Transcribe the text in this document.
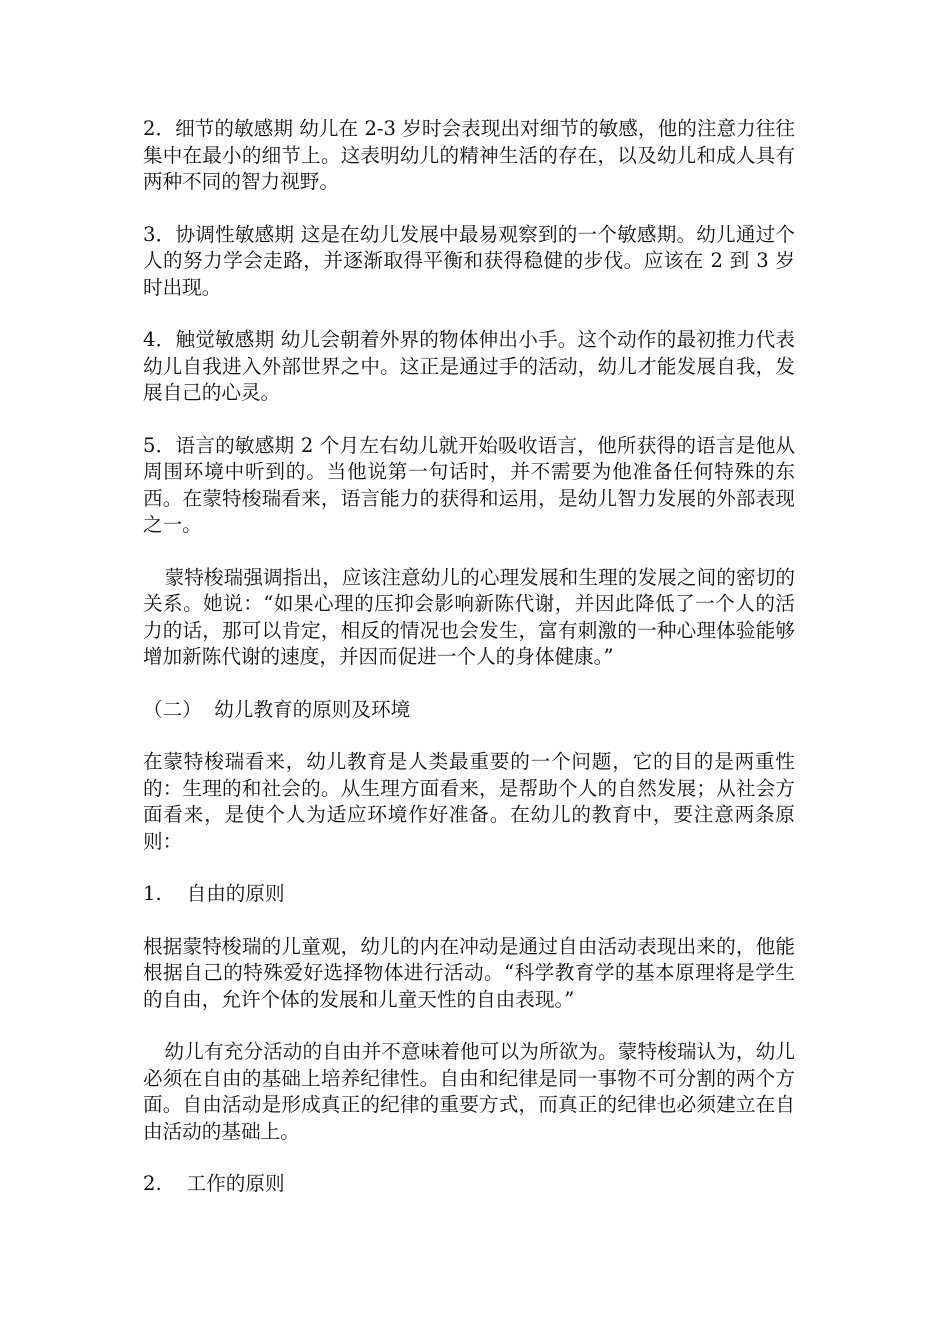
2．细节的敏感期 幼儿在 2-3 岁时会表现出对细节的敏感，他的注意力往往集中在最小的细节上。这表明幼儿的精神生活的存在，以及幼儿和成人具有两种不同的智力视野。

3．协调性敏感期 这是在幼儿发展中最易观察到的一个敏感期。幼儿通过个人的努力学会走路，并逐渐取得平衡和获得稳健的步伐。应该在 2 到 3 岁时出现。

4．触觉敏感期 幼儿会朝着外界的物体伸出小手。这个动作的最初推力代表幼儿自我进入外部世界之中。这正是通过手的活动，幼儿才能发展自我，发展自己的心灵。

5．语言的敏感期 2 个月左右幼儿就开始吸收语言，他所获得的语言是他从周围环境中听到的。当他说第一句话时，并不需要为他准备任何特殊的东西。在蒙特梭瑞看来，语言能力的获得和运用，是幼儿智力发展的外部表现之一。

蒙特梭瑞强调指出，应该注意幼儿的心理发展和生理的发展之间的密切的关系。她说：“如果心理的压抑会影响新陈代谢，并因此降低了一个人的活力的话，那可以肯定，相反的情况也会发生，富有刺激的一种心理体验能够增加新陈代谢的速度，并因而促进一个人的身体健康。”

（二）  幼儿教育的原则及环境

在蒙特梭瑞看来，幼儿教育是人类最重要的一个问题，它的目的是两重性的：生理的和社会的。从生理方面看来，是帮助个人的自然发展；从社会方面看来，是使个人为适应环境作好准备。在幼儿的教育中，要注意两条原则：

1.    自由的原则

根据蒙特梭瑞的儿童观，幼儿的内在冲动是通过自由活动表现出来的，他能根据自己的特殊爱好选择物体进行活动。“科学教育学的基本原理将是学生的自由，允许个体的发展和儿童天性的自由表现。”

幼儿有充分活动的自由并不意味着他可以为所欲为。蒙特梭瑞认为，幼儿必须在自由的基础上培养纪律性。自由和纪律是同一事物不可分割的两个方面。自由活动是形成真正的纪律的重要方式，而真正的纪律也必须建立在自由活动的基础上。

2.    工作的原则
